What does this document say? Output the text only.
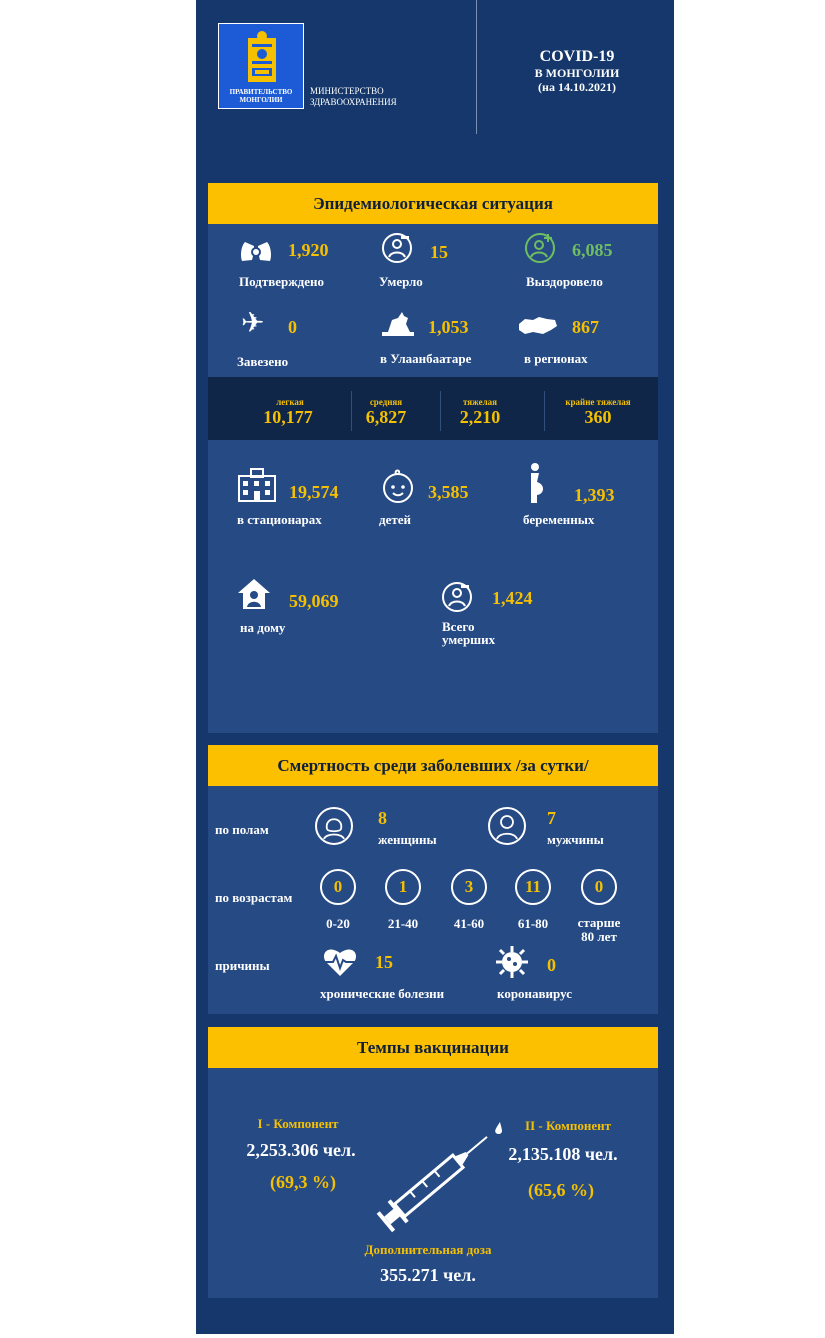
ПРАВИТЕЛЬСТВО МОНГОЛИИ
МИНИСТЕРСТВО ЗДРАВООХРАНЕНИЯ
COVID-19
В МОНГОЛИИ
(на 14.10.2021)
Эпидемиологическая ситуация
1,920
Подтверждено
15
Умерло
6,085
Выздоровело
✈ 0
Завезено
1,053
в Улаанбаатаре
867
в регионах
легкая
10,177
средняя
6,827
тяжелая
2,210
крайне тяжелая
360
19,574
в стационарах
3,585
детей
1,393
беременных
59,069
на дому
1,424
Всего
умерших
Смертность среди заболевших /за сутки/
по полам
8
женщины
7
мужчины
по возрастам
0
0-20
1
21-40
3
41-60
11
61-80
0
старше
80 лет
причины	15
хронические болезни
0
коронавирус
Темпы вакцинации
I - Компонент
2,253.306 чел.
(69,3 %)
II - Компонент
2,135.108 чел.
(65,6 %)
Дополнительная доза
355.271 чел.
